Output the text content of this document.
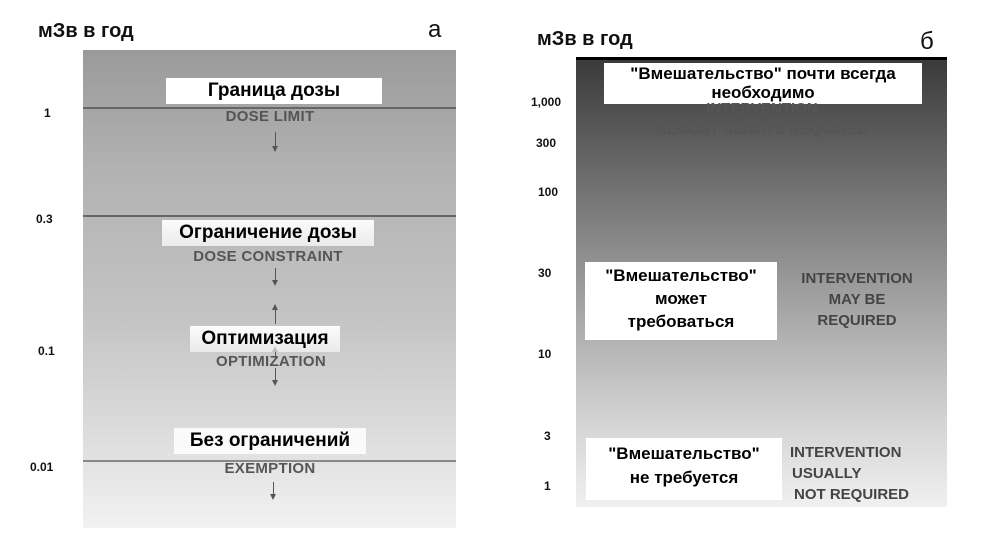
мЗв в год	а
1
0.3
0.1
0.01
Граница дозы
DOSE LIMIT
Ограничение дозы
DOSE CONSTRAINT
Оптимизация
OPTIMIZATION
Без ограничений
EXEMPTION
мЗв в год	б
1,000
300
100
30
10
3
1
"Вмешательство" почти всегда
необходимо
INTERVENTION
ALMOST ALWAYS REQUIRED
"Вмешательство"
может
требоваться
INTERVENTION
MAY BE
REQUIRED
"Вмешательство"
не требуется
INTERVENTION
USUALLY
NOT REQUIRED
